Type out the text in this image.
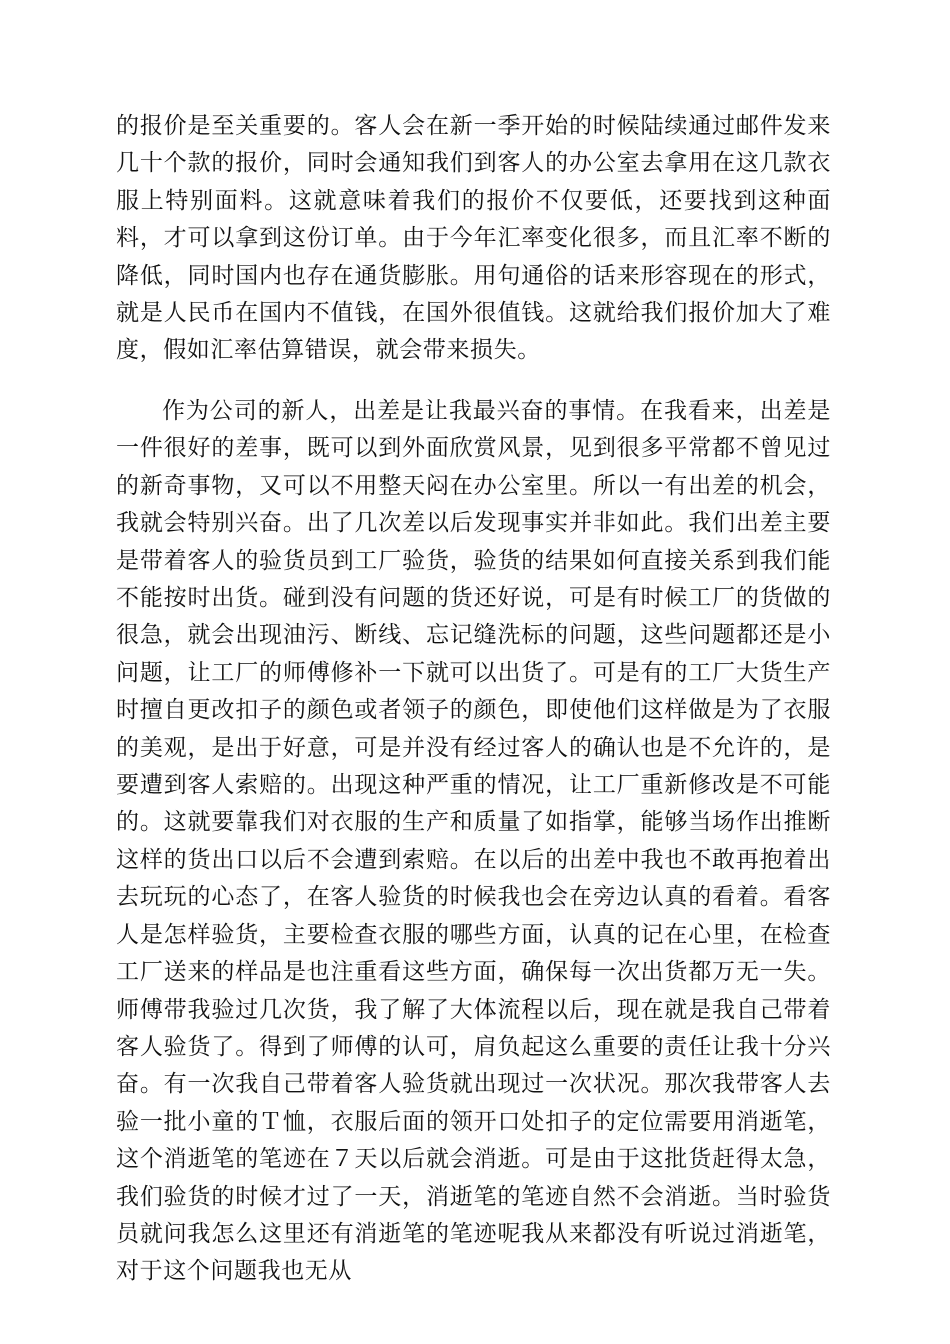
的报价是至关重要的。客人会在新一季开始的时候陆续通过邮件发来几十个款的报价，同时会通知我们到客人的办公室去拿用在这几款衣服上特别面料。这就意味着我们的报价不仅要低，还要找到这种面料，才可以拿到这份订单。由于今年汇率变化很多，而且汇率不断的降低，同时国内也存在通货膨胀。用句通俗的话来形容现在的形式，就是人民币在国内不值钱，在国外很值钱。这就给我们报价加大了难度，假如汇率估算错误，就会带来损失。

作为公司的新人，出差是让我最兴奋的事情。在我看来，出差是一件很好的差事，既可以到外面欣赏风景，见到很多平常都不曾见过的新奇事物，又可以不用整天闷在办公室里。所以一有出差的机会，我就会特别兴奋。出了几次差以后发现事实并非如此。我们出差主要是带着客人的验货员到工厂验货，验货的结果如何直接关系到我们能不能按时出货。碰到没有问题的货还好说，可是有时候工厂的货做的很急，就会出现油污、断线、忘记缝洗标的问题，这些问题都还是小问题，让工厂的师傅修补一下就可以出货了。可是有的工厂大货生产时擅自更改扣子的颜色或者领子的颜色，即使他们这样做是为了衣服的美观，是出于好意，可是并没有经过客人的确认也是不允许的，是要遭到客人索赔的。出现这种严重的情况，让工厂重新修改是不可能的。这就要靠我们对衣服的生产和质量了如指掌，能够当场作出推断这样的货出口以后不会遭到索赔。在以后的出差中我也不敢再抱着出去玩玩的心态了，在客人验货的时候我也会在旁边认真的看着。看客人是怎样验货，主要检查衣服的哪些方面，认真的记在心里，在检查工厂送来的样品是也注重看这些方面，确保每一次出货都万无一失。师傅带我验过几次货，我了解了大体流程以后，现在就是我自己带着客人验货了。得到了师傅的认可，肩负起这么重要的责任让我十分兴奋。有一次我自己带着客人验货就出现过一次状况。那次我带客人去验一批小童的Ｔ恤，衣服后面的领开口处扣子的定位需要用消逝笔，这个消逝笔的笔迹在７天以后就会消逝。可是由于这批货赶得太急，我们验货的时候才过了一天，消逝笔的笔迹自然不会消逝。当时验货员就问我怎么这里还有消逝笔的笔迹呢我从来都没有听说过消逝笔，对于这个问题我也无从
